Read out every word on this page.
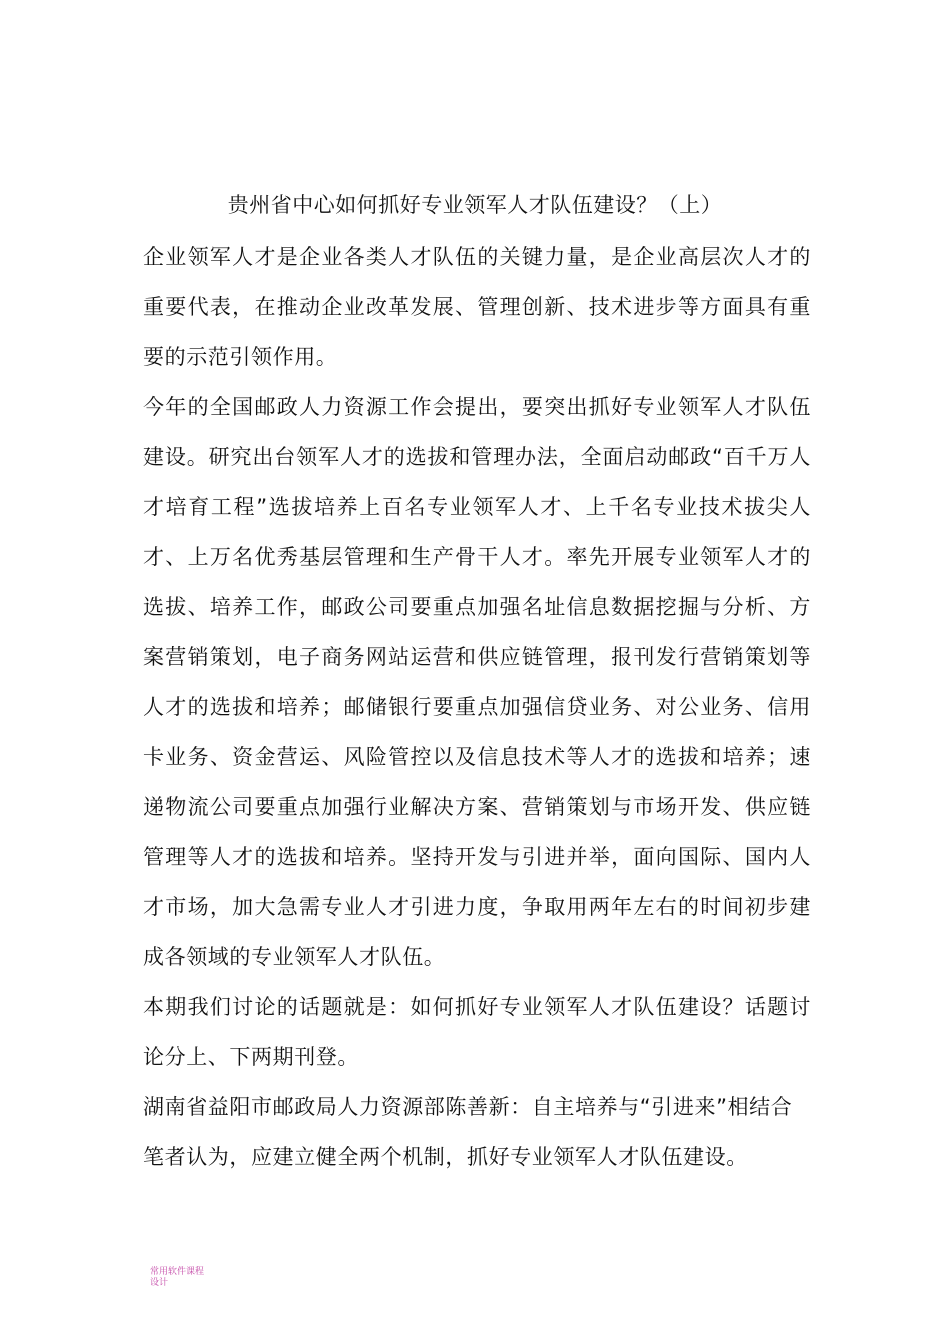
贵州省中心如何抓好专业领军人才队伍建设？（上）

企业领军人才是企业各类人才队伍的关键力量，是企业高层次人才的重要代表，在推动企业改革发展、管理创新、技术进步等方面具有重要的示范引领作用。

今年的全国邮政人力资源工作会提出，要突出抓好专业领军人才队伍建设。研究出台领军人才的选拔和管理办法，全面启动邮政“百千万人才培育工程”选拔培养上百名专业领军人才、上千名专业技术拔尖人才、上万名优秀基层管理和生产骨干人才。率先开展专业领军人才的选拔、培养工作，邮政公司要重点加强名址信息数据挖掘与分析、方案营销策划，电子商务网站运营和供应链管理，报刊发行营销策划等人才的选拔和培养；邮储银行要重点加强信贷业务、对公业务、信用卡业务、资金营运、风险管控以及信息技术等人才的选拔和培养；速递物流公司要重点加强行业解决方案、营销策划与市场开发、供应链管理等人才的选拔和培养。坚持开发与引进并举，面向国际、国内人才市场，加大急需专业人才引进力度，争取用两年左右的时间初步建成各领域的专业领军人才队伍。

本期我们讨论的话题就是：如何抓好专业领军人才队伍建设？话题讨论分上、下两期刊登。

湖南省益阳市邮政局人力资源部陈善新：自主培养与“引进来”相结合

笔者认为，应建立健全两个机制，抓好专业领军人才队伍建设。

常用软件课程
设计
